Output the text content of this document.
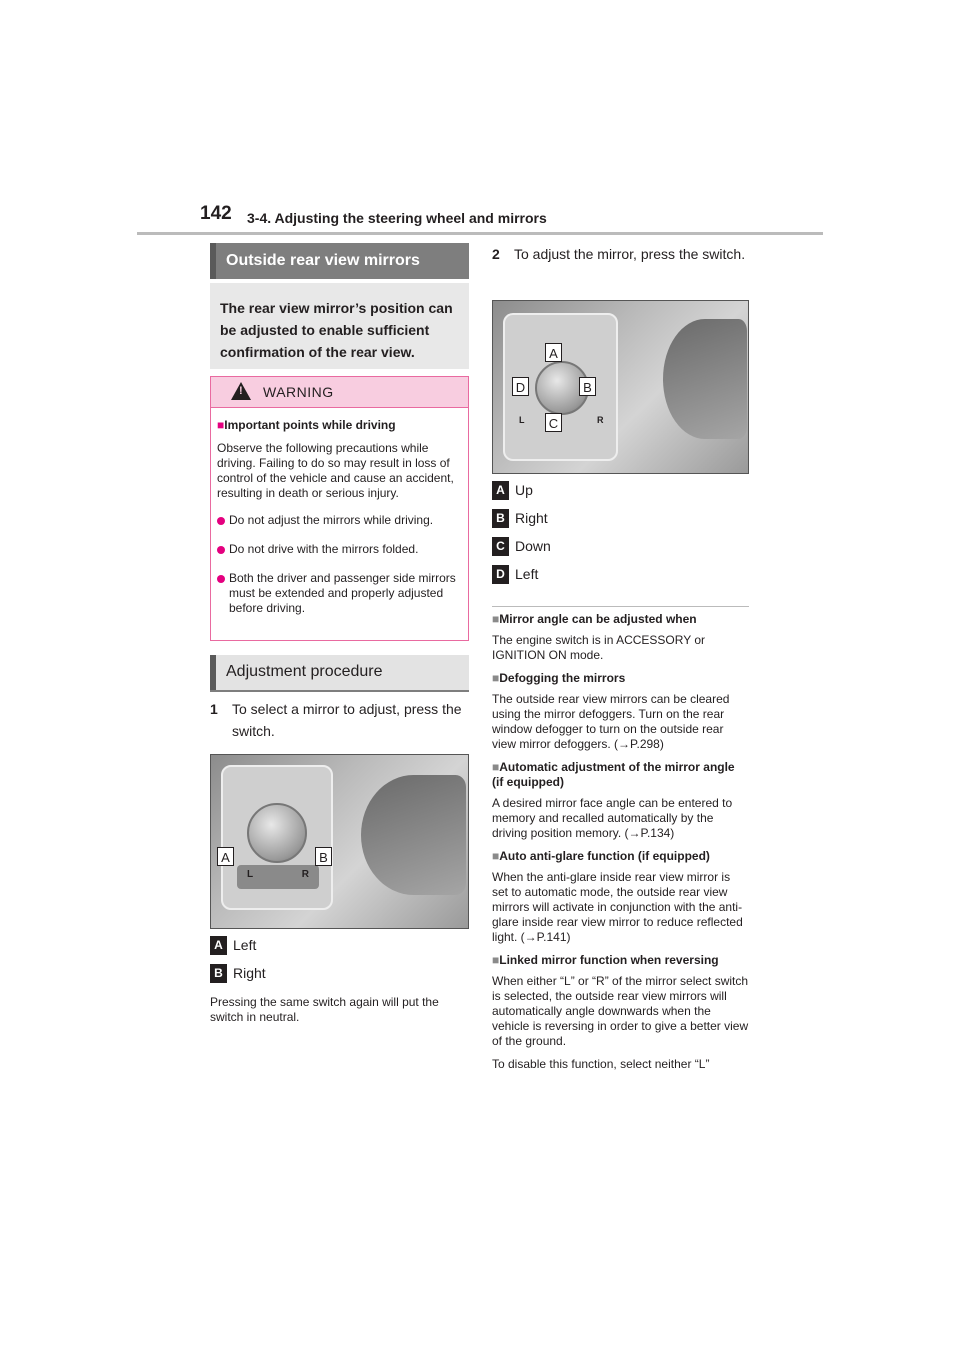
142 3-4. Adjusting the steering wheel and mirrors
Outside rear view mirrors
The rear view mirror’s position can be adjusted to enable sufficient confirmation of the rear view.
!
WARNING
■Important points while driving

Observe the following precautions while driving. Failing to do so may result in loss of control of the vehicle and cause an accident, resulting in death or serious injury.

Do not adjust the mirrors while driving.
Do not drive with the mirrors folded.
Both the driver and passenger side mirrors must be extended and properly adjusted before driving.
Adjustment procedure
1 To select a mirror to adjust, press the switch.
L	R
A	B
A Left
B Right
Pressing the same switch again will put the switch in neutral.
2 To adjust the mirror, press the switch.
L	R
A
B
C
D
A Up
B Right
C Down
D Left
■Mirror angle can be adjusted when
The engine switch is in ACCESSORY or IGNITION ON mode.
■Defogging the mirrors
The outside rear view mirrors can be cleared using the mirror defoggers. Turn on the rear window defogger to turn on the outside rear view mirror defoggers. (→P.298)
■Automatic adjustment of the mirror angle (if equipped)
A desired mirror face angle can be entered to memory and recalled automatically by the driving position memory. (→P.134)
■Auto anti-glare function (if equipped)
When the anti-glare inside rear view mirror is set to automatic mode, the outside rear view mirrors will activate in conjunction with the anti-glare inside rear view mirror to reduce reflected light. (→P.141)
■Linked mirror function when reversing
When either “L” or “R” of the mirror select switch is selected, the outside rear view mirrors will automatically angle downwards when the vehicle is reversing in order to give a better view of the ground.
To disable this function, select neither “L”
